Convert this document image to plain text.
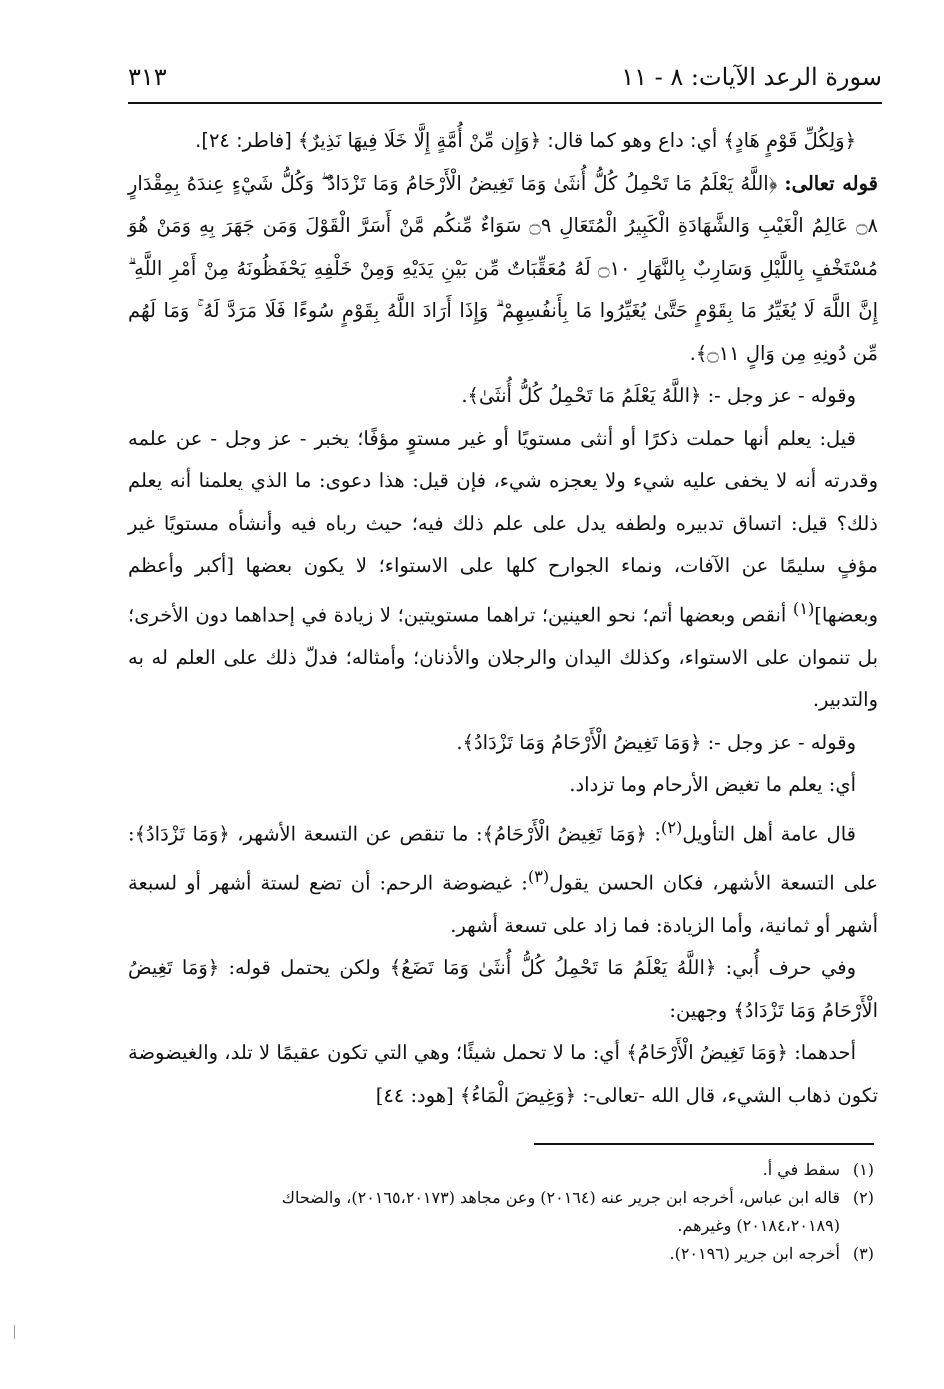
سورة الرعد الآيات: ٨ - ١١
٣١٣

﴿وَلِكُلِّ قَوْمٍ هَادٍ﴾ أي: داع وهو كما قال: ﴿وَإِن مِّنْ أُمَّةٍ إِلَّا خَلَا فِيهَا نَذِيرٌ﴾ [فاطر: ٢٤].

قوله تعالى: ﴿اللَّهُ يَعْلَمُ مَا تَحْمِلُ كُلُّ أُنثَىٰ وَمَا تَغِيضُ الْأَرْحَامُ وَمَا تَزْدَادُ ۖ وَكُلُّ شَيْءٍ عِندَهُ بِمِقْدَارٍ ۝٨ عَالِمُ الْغَيْبِ وَالشَّهَادَةِ الْكَبِيرُ الْمُتَعَالِ ۝٩ سَوَاءٌ مِّنكُم مَّنْ أَسَرَّ الْقَوْلَ وَمَن جَهَرَ بِهِ وَمَنْ هُوَ مُسْتَخْفٍ بِاللَّيْلِ وَسَارِبٌ بِالنَّهَارِ ۝١٠ لَهُ مُعَقِّبَاتٌ مِّن بَيْنِ يَدَيْهِ وَمِنْ خَلْفِهِ يَحْفَظُونَهُ مِنْ أَمْرِ اللَّهِ ۗ إِنَّ اللَّهَ لَا يُغَيِّرُ مَا بِقَوْمٍ حَتَّىٰ يُغَيِّرُوا مَا بِأَنفُسِهِمْ ۗ وَإِذَا أَرَادَ اللَّهُ بِقَوْمٍ سُوءًا فَلَا مَرَدَّ لَهُ ۚ وَمَا لَهُم مِّن دُونِهِ مِن وَالٍ ۝١١﴾.

وقوله - عز وجل -: ﴿اللَّهُ يَعْلَمُ مَا تَحْمِلُ كُلُّ أُنثَىٰ﴾.

قيل: يعلم أنها حملت ذكرًا أو أنثى مستويًا أو غير مستوٍ مؤفًا؛ يخبر - عز وجل - عن علمه وقدرته أنه لا يخفى عليه شيء ولا يعجزه شيء، فإن قيل: هذا دعوى: ما الذي يعلمنا أنه يعلم ذلك؟ قيل: اتساق تدبيره ولطفه يدل على علم ذلك فيه؛ حيث رباه فيه وأنشأه مستويًا غير مؤفٍ سليمًا عن الآفات، ونماء الجوارح كلها على الاستواء؛ لا يكون بعضها [أكبر وأعظم وبعضها]$^{(١)}$ أنقص وبعضها أتم؛ نحو العينين؛ تراهما مستويتين؛ لا زيادة في إحداهما دون الأخرى؛ بل تنموان على الاستواء، وكذلك اليدان والرجلان والأذنان؛ وأمثاله؛ فدلّ ذلك على العلم له به والتدبير.

وقوله - عز وجل -: ﴿وَمَا تَغِيضُ الْأَرْحَامُ وَمَا تَزْدَادُ﴾.

أي: يعلم ما تغيض الأرحام وما تزداد.

قال عامة أهل التأويل$^{(٢)}$: ﴿وَمَا تَغِيضُ الْأَرْحَامُ﴾: ما تنقص عن التسعة الأشهر، ﴿وَمَا تَزْدَادُ﴾: على التسعة الأشهر، فكان الحسن يقول$^{(٣)}$: غيضوضة الرحم: أن تضع لستة أشهر أو لسبعة أشهر أو ثمانية، وأما الزيادة: فما زاد على تسعة أشهر.

وفي حرف أُبي: ﴿اللَّهُ يَعْلَمُ مَا تَحْمِلُ كُلُّ أُنثَىٰ وَمَا تَضَعُ﴾ ولكن يحتمل قوله: ﴿وَمَا تَغِيضُ الْأَرْحَامُ وَمَا تَزْدَادُ﴾ وجهين:

أحدهما: ﴿وَمَا تَغِيضُ الْأَرْحَامُ﴾ أي: ما لا تحمل شيئًا؛ وهي التي تكون عقيمًا لا تلد، والغيضوضة تكون ذهاب الشيء، قال الله -تعالى-: ﴿وَغِيضَ الْمَاءُ﴾ [هود: ٤٤]

(١)
سقط في أ.
(٢)
قاله ابن عباس، أخرجه ابن جرير عنه (٢٠١٦٤) وعن مجاهد (٢٠١٦٥،٢٠١٧٣)، والضحاك
(٢٠١٨٤،٢٠١٨٩) وغيرهم.
(٣)
أخرجه ابن جرير (٢٠١٩٦).
